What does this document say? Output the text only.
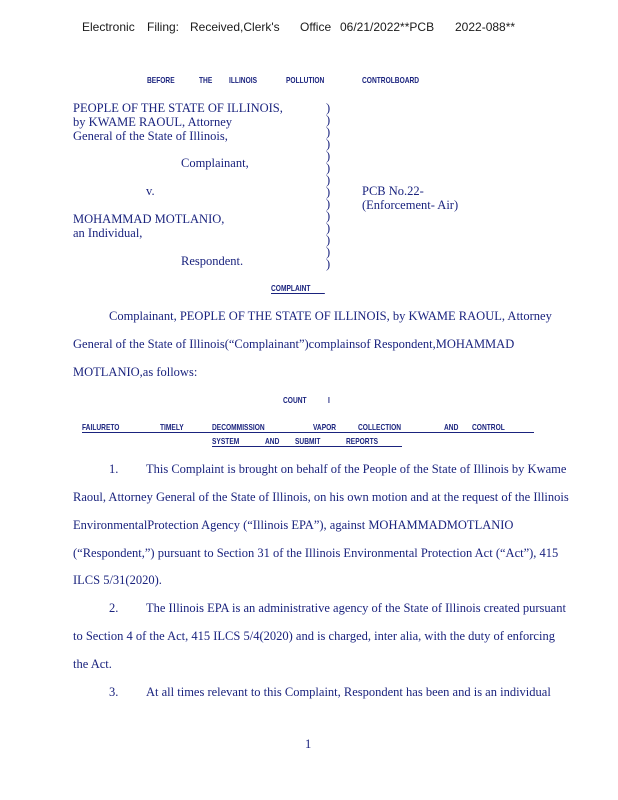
Electronic Filing: Received,Clerk's Office 06/21/2022**PCB 2022-088**
BEFORE	THE ILLINOIS	POLLUTION	CONTROLBOARD
PEOPLE OF THE STATE OF ILLINOIS,
by KWAME RAOUL, Attorney
General of the State of Illinois,
Complainant,
v.
MOHAMMAD MOTLANIO,
an Individual,
Respondent.
)
)
)
)
)
)
)
)
)
)
)
)
)
)
PCB No.22-
(Enforcement- Air)
COMPLAINT
Complainant, PEOPLE OF THE STATE OF ILLINOIS, by KWAME RAOUL, Attorney
General of the State of Illinois(“Complainant”)complainsof Respondent,MOHAMMAD
MOTLANIO,as follows:
COUNT	I
FAILURETO	TIMELY	DECOMMISSION	VAPOR	COLLECTION	AND CONTROL
SYSTEM	AND SUBMIT	REPORTS
1. This Complaint is brought on behalf of the People of the State of Illinois by Kwame
Raoul, Attorney General of the State of Illinois, on his own motion and at the request of the Illinois
EnvironmentalProtection Agency (“Illinois EPA”), against MOHAMMADMOTLANIO
(“Respondent,”) pursuant to Section 31 of the Illinois Environmental Protection Act (“Act”), 415
ILCS 5/31(2020).
2. The Illinois EPA is an administrative agency of the State of Illinois created pursuant
to Section 4 of the Act, 415 ILCS 5/4(2020) and is charged, inter alia, with the duty of enforcing
the Act.
3. At all times relevant to this Complaint, Respondent has been and is an individual
1
